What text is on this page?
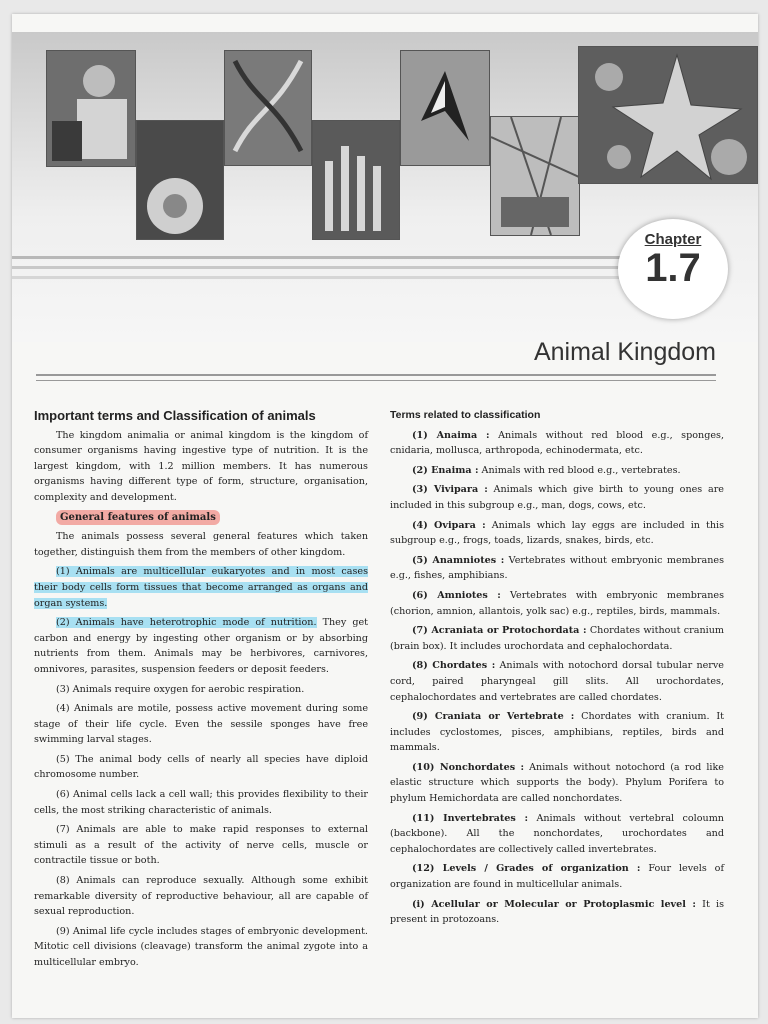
Chapter
1.7
Animal Kingdom

Important terms and Classification of animals

The kingdom animalia or animal kingdom is the kingdom of consumer organisms having ingestive type of nutrition. It is the largest kingdom, with 1.2 million members. It has numerous organisms having different type of form, structure, organisation, complexity and development.

General features of animals

The animals possess several general features which taken together, distinguish them from the members of other kingdom.

(1) Animals are multicellular eukaryotes and in most cases their body cells form tissues that become arranged as organs and organ systems.

(2) Animals have heterotrophic mode of nutrition. They get carbon and energy by ingesting other organism or by absorbing nutrients from them. Animals may be herbivores, carnivores, omnivores, parasites, suspension feeders or deposit feeders.

(3) Animals require oxygen for aerobic respiration.

(4) Animals are motile, possess active movement during some stage of their life cycle. Even the sessile sponges have free swimming larval stages.

(5) The animal body cells of nearly all species have diploid chromosome number.

(6) Animal cells lack a cell wall; this provides flexibility to their cells, the most striking characteristic of animals.

(7) Animals are able to make rapid responses to external stimuli as a result of the activity of nerve cells, muscle or contractile tissue or both.

(8) Animals can reproduce sexually. Although some exhibit remarkable diversity of reproductive behaviour, all are capable of sexual reproduction.

(9) Animal life cycle includes stages of embryonic development. Mitotic cell divisions (cleavage) transform the animal zygote into a multicellular embryo.

Terms related to classification

(1) Anaima : Animals without red blood e.g., sponges, cnidaria, mollusca, arthropoda, echinodermata, etc.

(2) Enaima : Animals with red blood e.g., vertebrates.

(3) Vivipara : Animals which give birth to young ones are included in this subgroup e.g., man, dogs, cows, etc.

(4) Ovipara : Animals which lay eggs are included in this subgroup e.g., frogs, toads, lizards, snakes, birds, etc.

(5) Anamniotes : Vertebrates without embryonic membranes e.g., fishes, amphibians.

(6) Amniotes : Vertebrates with embryonic membranes (chorion, amnion, allantois, yolk sac) e.g., reptiles, birds, mammals.

(7) Acraniata or Protochordata : Chordates without cranium (brain box). It includes urochordata and cephalochordata.

(8) Chordates : Animals with notochord dorsal tubular nerve cord, paired pharyngeal gill slits. All urochordates, cephalochordates and vertebrates are called chordates.

(9) Craniata or Vertebrate : Chordates with cranium. It includes cyclostomes, pisces, amphibians, reptiles, birds and mammals.

(10) Nonchordates : Animals without notochord (a rod like elastic structure which supports the body). Phylum Porifera to phylum Hemichordata are called nonchordates.

(11) Invertebrates : Animals without vertebral coloumn (backbone). All the nonchordates, urochordates and cephalochordates are collectively called invertebrates.

(12) Levels / Grades of organization : Four levels of organization are found in multicellular animals.

(i) Acellular or Molecular or Protoplasmic level : It is present in protozoans.
